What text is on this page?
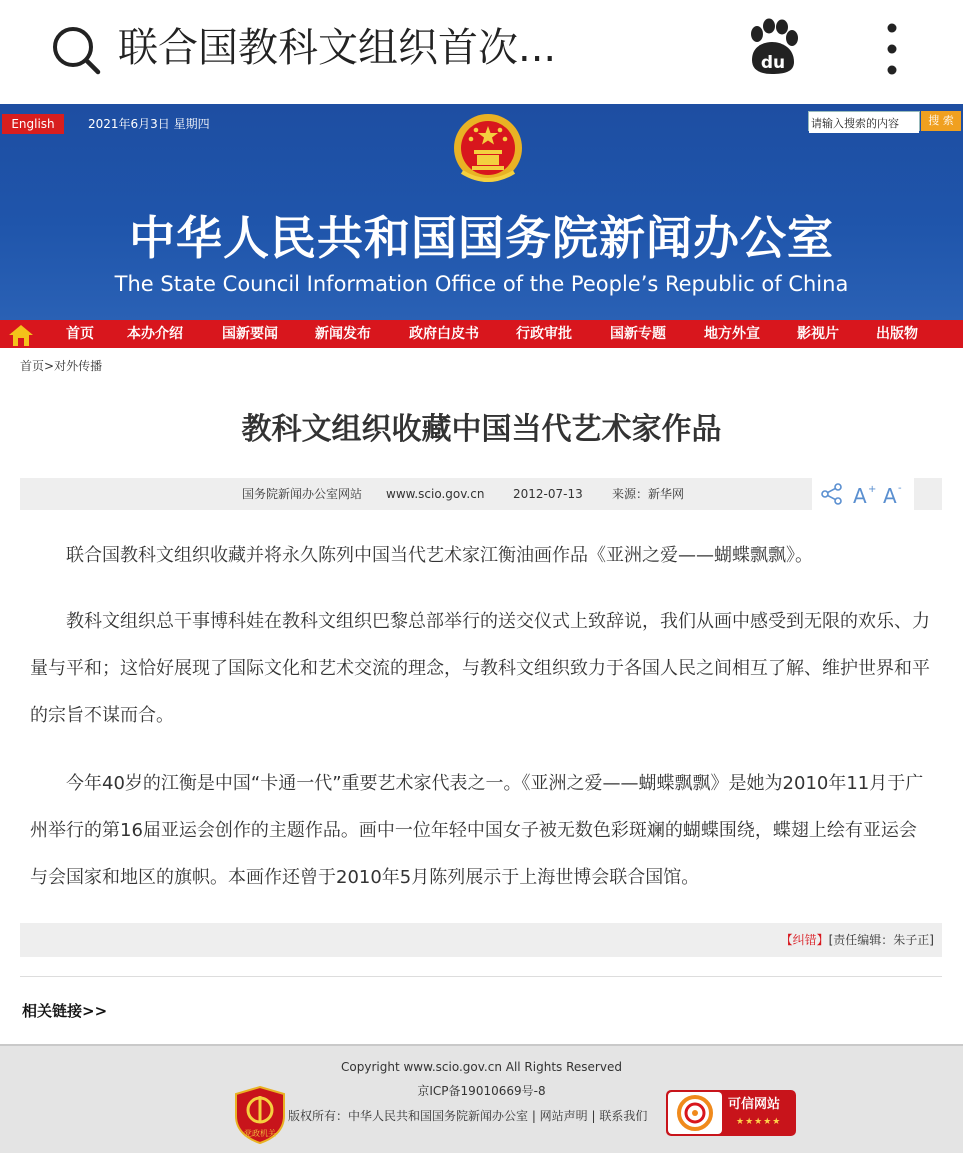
联合国教科文组织首次...	du
English	2021年6月3日 星期四
请输入搜索的内容	搜 索
中华人民共和国国务院新闻办公室
The State Council Information Office of the People’s Republic of China
首页 本办介绍	国新要闻	新闻发布	政府白皮书	行政审批	国新专题	地方外宣	影视片	出版物
首页>对外传播
教科文组织收藏中国当代艺术家作品
国务院新闻办公室网站 www.scio.gov.cn 2012-07-13 来源：新华网	A + A -

联合国教科文组织收藏并将永久陈列中国当代艺术家江衡油画作品《亚洲之爱——蝴蝶飘飘》。

教科文组织总干事博科娃在教科文组织巴黎总部举行的送交仪式上致辞说，我们从画中感受到无限的欢乐、力量与平和；这恰好展现了国际文化和艺术交流的理念，与教科文组织致力于各国人民之间相互了解、维护世界和平的宗旨不谋而合。

今年40岁的江衡是中国“卡通一代”重要艺术家代表之一。《亚洲之爱——蝴蝶飘飘》是她为2010年11月于广州举行的第16届亚运会创作的主题作品。画中一位年轻中国女子被无数色彩斑斓的蝴蝶围绕，蝶翅上绘有亚运会与会国家和地区的旗帜。本画作还曾于2010年5月陈列展示于上海世博会联合国馆。

【纠错】[责任编辑：朱子正]
相关链接>>
Copyright www.scio.gov.cn All Rights Reserved
京ICP备19010669号-8
党政机关
版权所有：中华人民共和国国务院新闻办公室 | 网站声明 | 联系我们
可信网站
★★★★★
